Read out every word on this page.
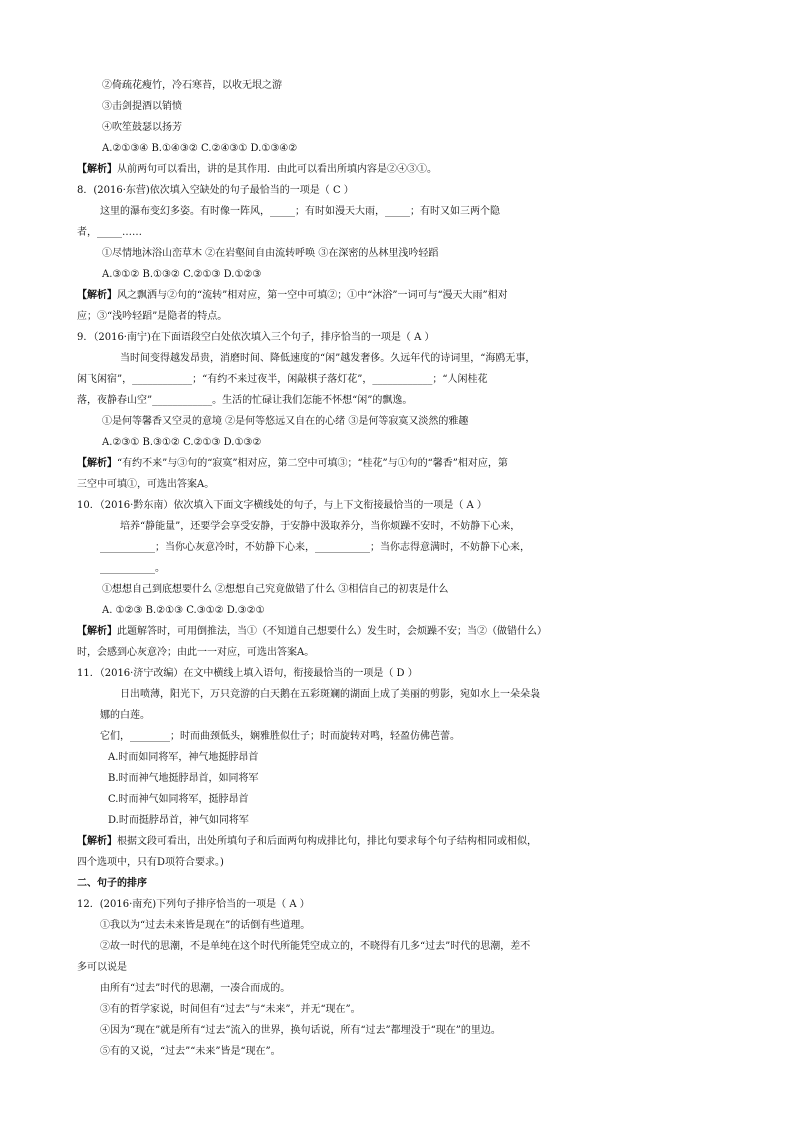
②倚疏花瘦竹，冷石寒苔，以收无垠之游
③击剑提酒以销愤
④吹笙鼓瑟以扬芳
A.②①③④ B.①④③② C.②④③① D.①③④②
【解析】从前两句可以看出，讲的是其作用．由此可以看出所填内容是②④③①。
8．(2016·东营)依次填入空缺处的句子最恰当的一项是（ C ）
这里的瀑布变幻多姿。有时像一阵风，_____；有时如漫天大雨，_____；有时又如三两个隐
者，_____……
①尽情地沐浴山峦草木 ②在岩壑间自由流转呼唤 ③在深密的丛林里浅吟轻蹈
A.③①② B.①③② C.②①③ D.①②③
【解析】风之飘洒与②句的“流转”相对应，第一空中可填②；①中“沐浴”一词可与“漫天大雨”相对
应；③“浅吟轻蹈”是隐者的特点。
9．（2016·南宁)在下面语段空白处依次填入三个句子，排序恰当的一项是（ A ）
当时间变得越发昂贵，消磨时间、降低速度的“闲”越发奢侈。久远年代的诗词里，“海鸥无事，
闲飞闲宿”，____________；“有约不来过夜半，闲敲棋子落灯花”，____________；“人闲桂花
落，夜静春山空”____________。生活的忙碌让我们怎能不怀想“闲”的飘逸。
①是何等馨香又空灵的意境 ②是何等悠远又自在的心绪 ③是何等寂寞又淡然的雅趣
A.②③① B.③①② C.②①③ D.①③②
【解析】“有约不来”与③句的“寂寞”相对应，第二空中可填③；“桂花”与①句的“馨香”相对应，第
三空中可填①，可选出答案A。
10．（2016·黔东南）依次填入下面文字横线处的句子，与上下文衔接最恰当的一项是（ A ）
培养“静能量”，还要学会享受安静，于安静中汲取养分，当你烦躁不安时，不妨静下心来，
___________；当你心灰意冷时，不妨静下心来，___________；当你志得意满时，不妨静下心来，
___________。
①想想自己到底想要什么 ②想想自己究竟做错了什么 ③相信自己的初衷是什么
A. ①②③ B.②①③ C.③①② D.③②①
【解析】此题解答时，可用倒推法，当①（不知道自己想要什么）发生时，会烦躁不安；当②（做错什么）
时，会感到心灰意冷；由此一一对应，可选出答案A。
11．（2016·济宁改编）在文中横线上填入语句，衔接最恰当的一项是（ D ）
日出喷薄，阳光下，万只竞游的白天鹅在五彩斑斓的湖面上成了美丽的剪影，宛如水上一朵朵袅
娜的白莲。
它们，________；时而曲颈低头，娴雅胜似仕子；时而旋转对鸣，轻盈仿佛芭蕾。
A.时而如同将军，神气地挺脖昂首
B.时而神气地挺脖昂首，如同将军
C.时而神气如同将军，挺脖昂首
D.时而挺脖昂首，神气如同将军
【解析】根据文段可看出，出处所填句子和后面两句构成排比句，排比句要求每个句子结构相同或相似，
四个选项中，只有D项符合要求。)
二、句子的排序
12．(2016·南充)下列句子排序恰当的一项是（ A ）
①我以为“过去未来皆是现在”的话倒有些道理。
②故一时代的思潮，不是单纯在这个时代所能凭空成立的，不晓得有几多“过去”时代的思潮，差不
多可以说是
由所有“过去”时代的思潮，一凑合而成的。
③有的哲学家说，时间但有“过去”与“未来”，并无“现在”。
④因为“现在”就是所有“过去”流入的世界，换句话说，所有“过去”都埋没于“现在”的里边。
⑤有的又说，“过去”“未来”皆是“现在”。
